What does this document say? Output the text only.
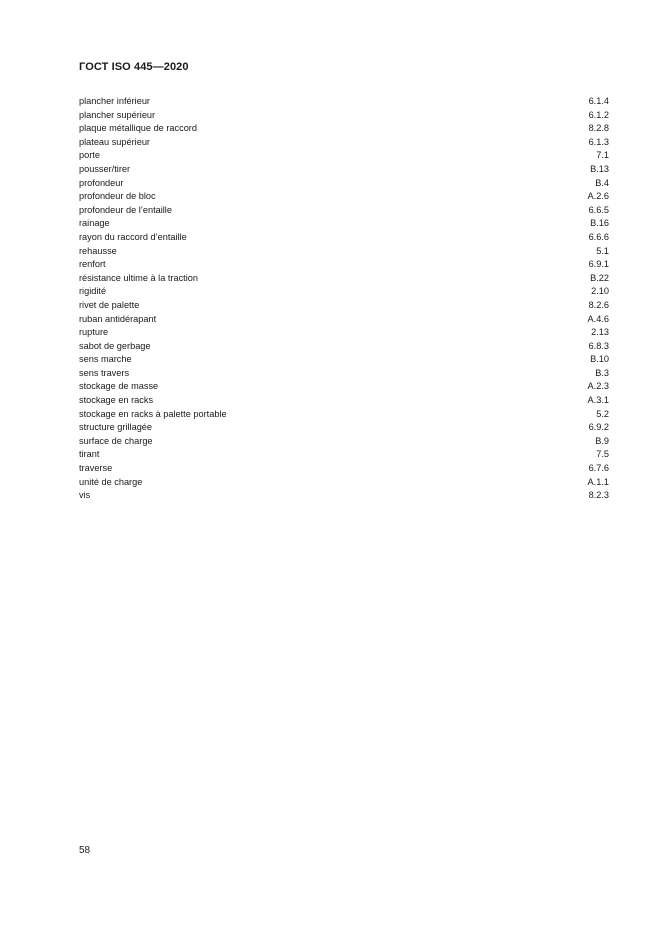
ГОСТ ISO 445—2020
plancher inférieur	6.1.4
plancher supérieur	6.1.2
plaque métallique de raccord	8.2.8
plateau supérieur	6.1.3
porte	7.1
pousser/tirer	B.13
profondeur	B.4
profondeur de bloc	A.2.6
profondeur de l’entaille	6.6.5
rainage	B.16
rayon du raccord d’entaille	6.6.6
rehausse	5.1
renfort	6.9.1
résistance ultime à la traction	B.22
rigidité	2.10
rivet de palette	8.2.6
ruban antidérapant	A.4.6
rupture	2.13
sabot de gerbage	6.8.3
sens marche	B.10
sens travers	B.3
stockage de masse	A.2.3
stockage en racks	A.3.1
stockage en racks à palette portable	5.2
structure grillagée	6.9.2
surface de charge	B.9
tirant	7.5
traverse	6.7.6
unité de charge	A.1.1
vis	8.2.3
58
